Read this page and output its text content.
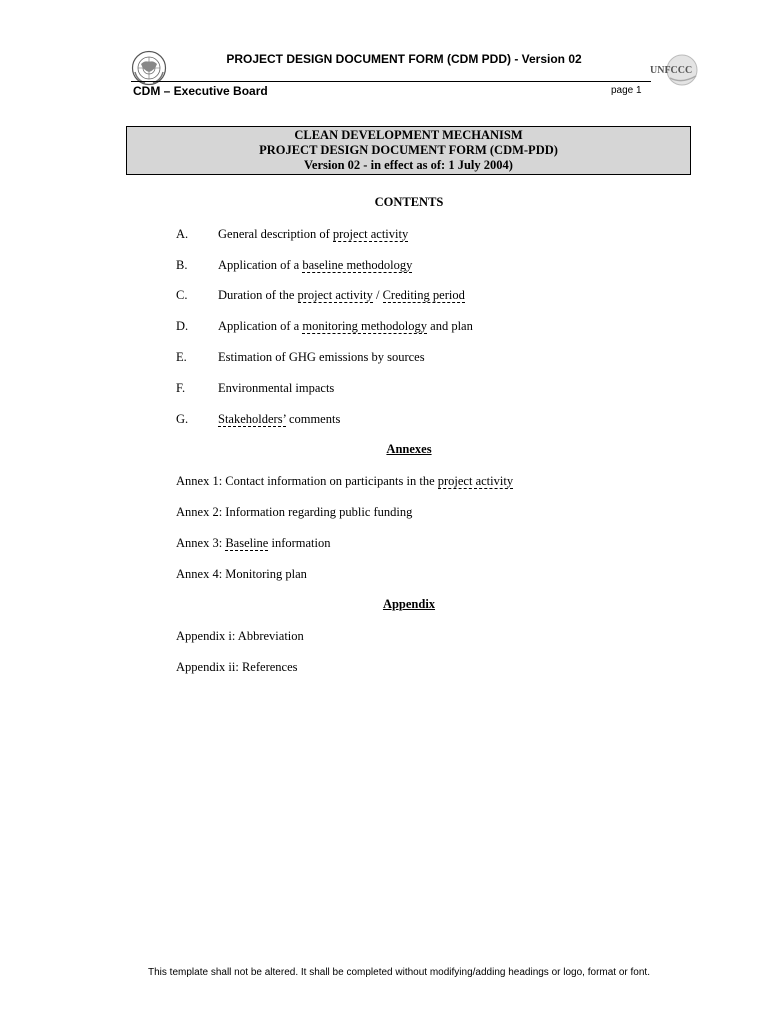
PROJECT DESIGN DOCUMENT FORM (CDM PDD) - Version 02
CDM – Executive Board	page 1
UNFCCC
CLEAN DEVELOPMENT MECHANISM
PROJECT DESIGN DOCUMENT FORM (CDM-PDD)
Version 02 - in effect as of: 1 July 2004)
CONTENTS
A. General description of project activity
B. Application of a baseline methodology
C. Duration of the project activity / Crediting period
D. Application of a monitoring methodology and plan
E. Estimation of GHG emissions by sources
F.	Environmental impacts
G. Stakeholders’ comments
Annexes
Annex 1: Contact information on participants in the project activity
Annex 2: Information regarding public funding
Annex 3: Baseline information
Annex 4: Monitoring plan
Appendix
Appendix i: Abbreviation
Appendix ii: References
This template shall not be altered. It shall be completed without modifying/adding headings or logo, format or font.
